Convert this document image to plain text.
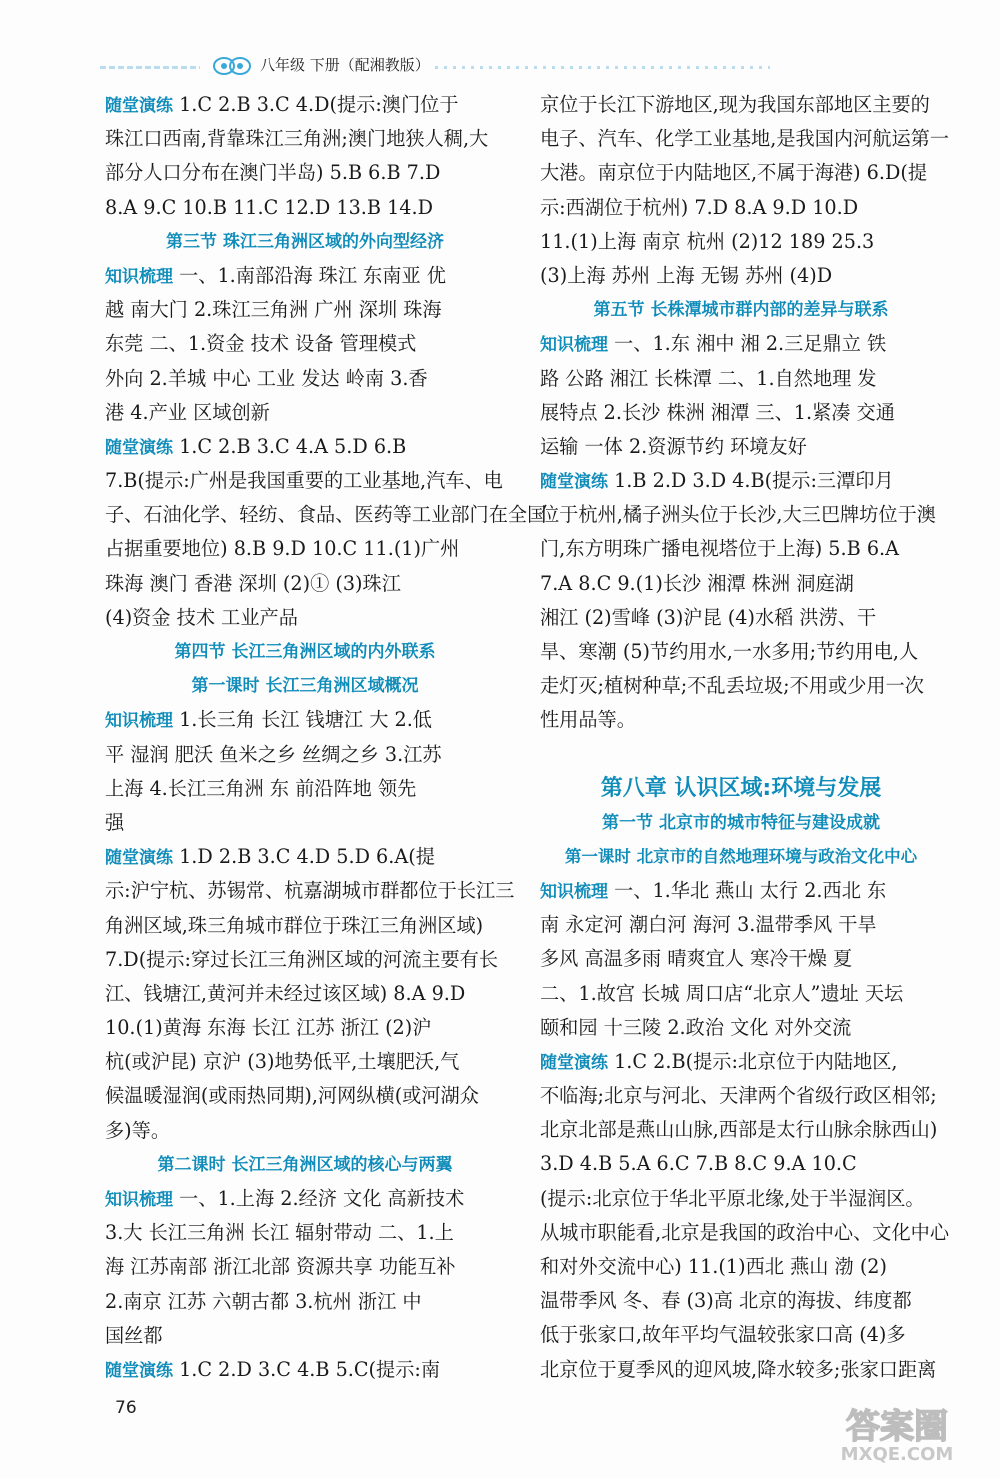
八年级 下册（配湘教版）
随堂演练 1.C 2.B 3.C 4.D(提示:澳门位于
珠江口西南,背靠珠江三角洲;澳门地狭人稠,大
部分人口分布在澳门半岛) 5.B 6.B 7.D
8.A 9.C 10.B 11.C 12.D 13.B 14.D
第三节 珠江三角洲区域的外向型经济
知识梳理 一、1.南部沿海 珠江 东南亚 优
越 南大门 2.珠江三角洲 广州 深圳 珠海
东莞 二、1.资金 技术 设备 管理模式
外向 2.羊城 中心 工业 发达 岭南 3.香
港 4.产业 区域创新
随堂演练 1.C 2.B 3.C 4.A 5.D 6.B
7.B(提示:广州是我国重要的工业基地,汽车、电
子、石油化学、轻纺、食品、医药等工业部门在全国
占据重要地位) 8.B 9.D 10.C 11.(1)广州
珠海 澳门 香港 深圳 (2)① (3)珠江
(4)资金 技术 工业产品
第四节 长江三角洲区域的内外联系
第一课时 长江三角洲区域概况
知识梳理 1.长三角 长江 钱塘江 大 2.低
平 湿润 肥沃 鱼米之乡 丝绸之乡 3.江苏
上海 4.长江三角洲 东 前沿阵地 领先
强
随堂演练 1.D 2.B 3.C 4.D 5.D 6.A(提
示:沪宁杭、苏锡常、杭嘉湖城市群都位于长江三
角洲区域,珠三角城市群位于珠江三角洲区域)
7.D(提示:穿过长江三角洲区域的河流主要有长
江、钱塘江,黄河并未经过该区域) 8.A 9.D
10.(1)黄海 东海 长江 江苏 浙江 (2)沪
杭(或沪昆) 京沪 (3)地势低平,土壤肥沃,气
候温暖湿润(或雨热同期),河网纵横(或河湖众
多)等。
第二课时 长江三角洲区域的核心与两翼
知识梳理 一、1.上海 2.经济 文化 高新技术
3.大 长江三角洲 长江 辐射带动 二、1.上
海 江苏南部 浙江北部 资源共享 功能互补
2.南京 江苏 六朝古都 3.杭州 浙江 中
国丝都
随堂演练 1.C 2.D 3.C 4.B 5.C(提示:南
京位于长江下游地区,现为我国东部地区主要的
电子、汽车、化学工业基地,是我国内河航运第一
大港。南京位于内陆地区,不属于海港) 6.D(提
示:西湖位于杭州) 7.D 8.A 9.D 10.D
11.(1)上海 南京 杭州 (2)12 189 25.3
(3)上海 苏州 上海 无锡 苏州 (4)D
第五节 长株潭城市群内部的差异与联系
知识梳理 一、1.东 湘中 湘 2.三足鼎立 铁
路 公路 湘江 长株潭 二、1.自然地理 发
展特点 2.长沙 株洲 湘潭 三、1.紧凑 交通
运输 一体 2.资源节约 环境友好
随堂演练 1.B 2.D 3.D 4.B(提示:三潭印月
位于杭州,橘子洲头位于长沙,大三巴牌坊位于澳
门,东方明珠广播电视塔位于上海) 5.B 6.A
7.A 8.C 9.(1)长沙 湘潭 株洲 洞庭湖
湘江 (2)雪峰 (3)沪昆 (4)水稻 洪涝、干
旱、寒潮 (5)节约用水,一水多用;节约用电,人
走灯灭;植树种草;不乱丢垃圾;不用或少用一次
性用品等。
第八章 认识区域:环境与发展
第一节 北京市的城市特征与建设成就
第一课时 北京市的自然地理环境与政治文化中心
知识梳理 一、1.华北 燕山 太行 2.西北 东
南 永定河 潮白河 海河 3.温带季风 干旱
多风 高温多雨 晴爽宜人 寒冷干燥 夏
二、1.故宫 长城 周口店“北京人”遗址 天坛
颐和园 十三陵 2.政治 文化 对外交流
随堂演练 1.C 2.B(提示:北京位于内陆地区,
不临海;北京与河北、天津两个省级行政区相邻;
北京北部是燕山山脉,西部是太行山脉余脉西山)
3.D 4.B 5.A 6.C 7.B 8.C 9.A 10.C
(提示:北京位于华北平原北缘,处于半湿润区。
从城市职能看,北京是我国的政治中心、文化中心
和对外交流中心) 11.(1)西北 燕山 渤 (2)
温带季风 冬、春 (3)高 北京的海拔、纬度都
低于张家口,故年平均气温较张家口高 (4)多
北京位于夏季风的迎风坡,降水较多;张家口距离
76	答案圈
MXQE.COM
